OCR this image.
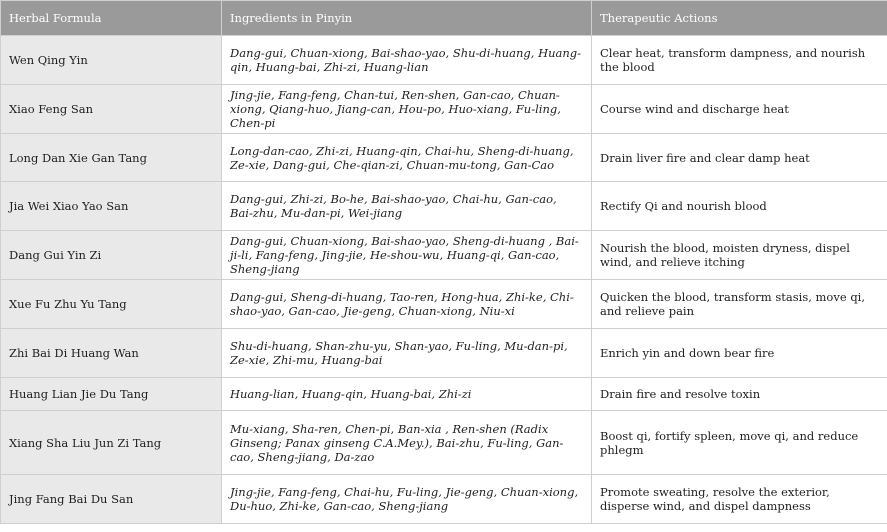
Herbal Formula	Ingredients in Pinyin	Therapeutic Actions
Wen Qing Yin	Dang-gui, Chuan-xiong, Bai-shao-yao, Shu-di-huang, Huang-qin, Huang-bai, Zhi-zi, Huang-lian	Clear heat, transform dampness, and nourish the blood
Xiao Feng San	Jing-jie, Fang-feng, Chan-tui, Ren-shen, Gan-cao, Chuan-xiong, Qiang-huo, Jiang-can, Hou-po, Huo-xiang, Fu-ling, Chen-pi	Course wind and discharge heat
Long Dan Xie Gan Tang	Long-dan-cao, Zhi-zi, Huang-qin, Chai-hu, Sheng-di-huang, Ze-xie, Dang-gui, Che-qian-zi, Chuan-mu-tong, Gan-Cao	Drain liver fire and clear damp heat
Jia Wei Xiao Yao San	Dang-gui, Zhi-zi, Bo-he, Bai-shao-yao, Chai-hu, Gan-cao, Bai-zhu, Mu-dan-pi, Wei-jiang	Rectify Qi and nourish blood
Dang Gui Yin Zi	Dang-gui, Chuan-xiong, Bai-shao-yao, Sheng-di-huang , Bai-ji-li, Fang-feng, Jing-jie, He-shou-wu, Huang-qi, Gan-cao, Sheng-jiang	Nourish the blood, moisten dryness, dispel wind, and relieve itching
Xue Fu Zhu Yu Tang	Dang-gui, Sheng-di-huang, Tao-ren, Hong-hua, Zhi-ke, Chi-shao-yao, Gan-cao, Jie-geng, Chuan-xiong, Niu-xi	Quicken the blood, transform stasis, move qi, and relieve pain
Zhi Bai Di Huang Wan	Shu-di-huang, Shan-zhu-yu, Shan-yao, Fu-ling, Mu-dan-pi, Ze-xie, Zhi-mu, Huang-bai	Enrich yin and down bear fire
Huang Lian Jie Du Tang	Huang-lian, Huang-qin, Huang-bai, Zhi-zi	Drain fire and resolve toxin
Xiang Sha Liu Jun Zi Tang	Mu-xiang, Sha-ren, Chen-pi, Ban-xia , Ren-shen (Radix Ginseng; Panax ginseng C.A.Mey.), Bai-zhu, Fu-ling, Gan-cao, Sheng-jiang, Da-zao	Boost qi, fortify spleen, move qi, and reduce phlegm
Jing Fang Bai Du San	Jing-jie, Fang-feng, Chai-hu, Fu-ling, Jie-geng, Chuan-xiong, Du-huo, Zhi-ke, Gan-cao, Sheng-jiang	Promote sweating, resolve the exterior, disperse wind, and dispel dampness
